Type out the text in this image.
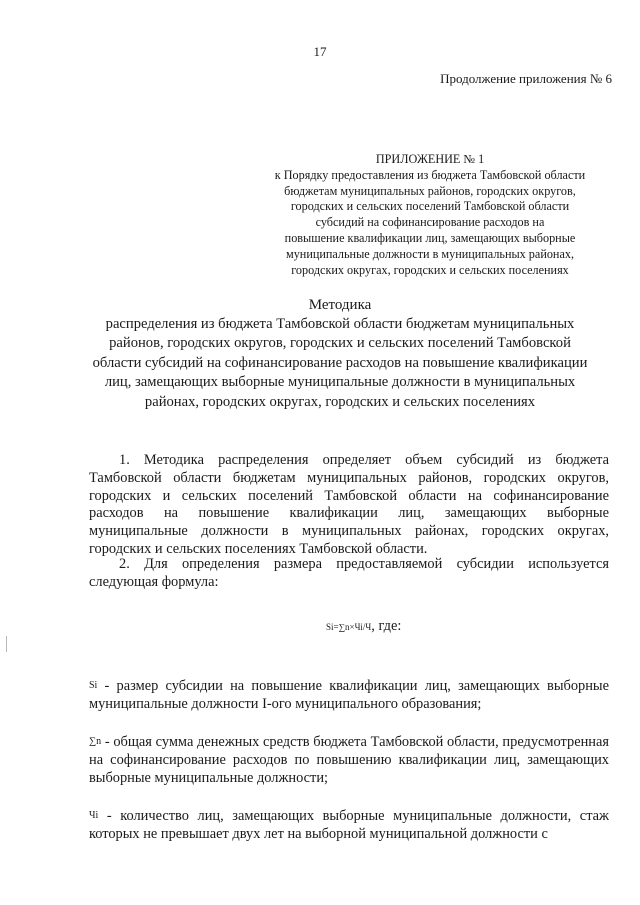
17
Продолжение приложения № 6
ПРИЛОЖЕНИЕ № 1
к Порядку предоставления из бюджета Тамбовской области
бюджетам муниципальных районов, городских округов,
городских и сельских поселений Тамбовской области
субсидий на софинансирование расходов на
повышение квалификации лиц, замещающих выборные
муниципальные должности в муниципальных районах,
городских округах, городских и сельских поселениях
Методика
распределения из бюджета Тамбовской области бюджетам муниципальных
районов, городских округов, городских и сельских поселений Тамбовской
области субсидий на софинансирование расходов на повышение квалификации
лиц, замещающих выборные муниципальные должности в муниципальных
районах, городских округах, городских и сельских поселениях

1. Методика распределения определяет объем субсидий из бюджета Тамбовской области бюджетам муниципальных районов, городских округов, городских и сельских поселений Тамбовской области на софинансирование расходов на повышение квалификации лиц, замещающих выборные муниципальные должности в муниципальных районах, городских округах, городских и сельских поселениях Тамбовской области.

2. Для определения размера предоставляемой субсидии используется следующая формула:

Si=∑n×Чi/Ч, где:

Si - размер субсидии на повышение квалификации лиц, замещающих выборные муниципальные должности I-ого муниципального образования;

∑n - общая сумма денежных средств бюджета Тамбовской области, предусмотренная на софинансирование расходов по повышению квалификации лиц, замещающих выборные муниципальные должности;

Чi - количество лиц, замещающих выборные муниципальные должности, стаж которых не превышает двух лет на выборной муниципальной должности с
